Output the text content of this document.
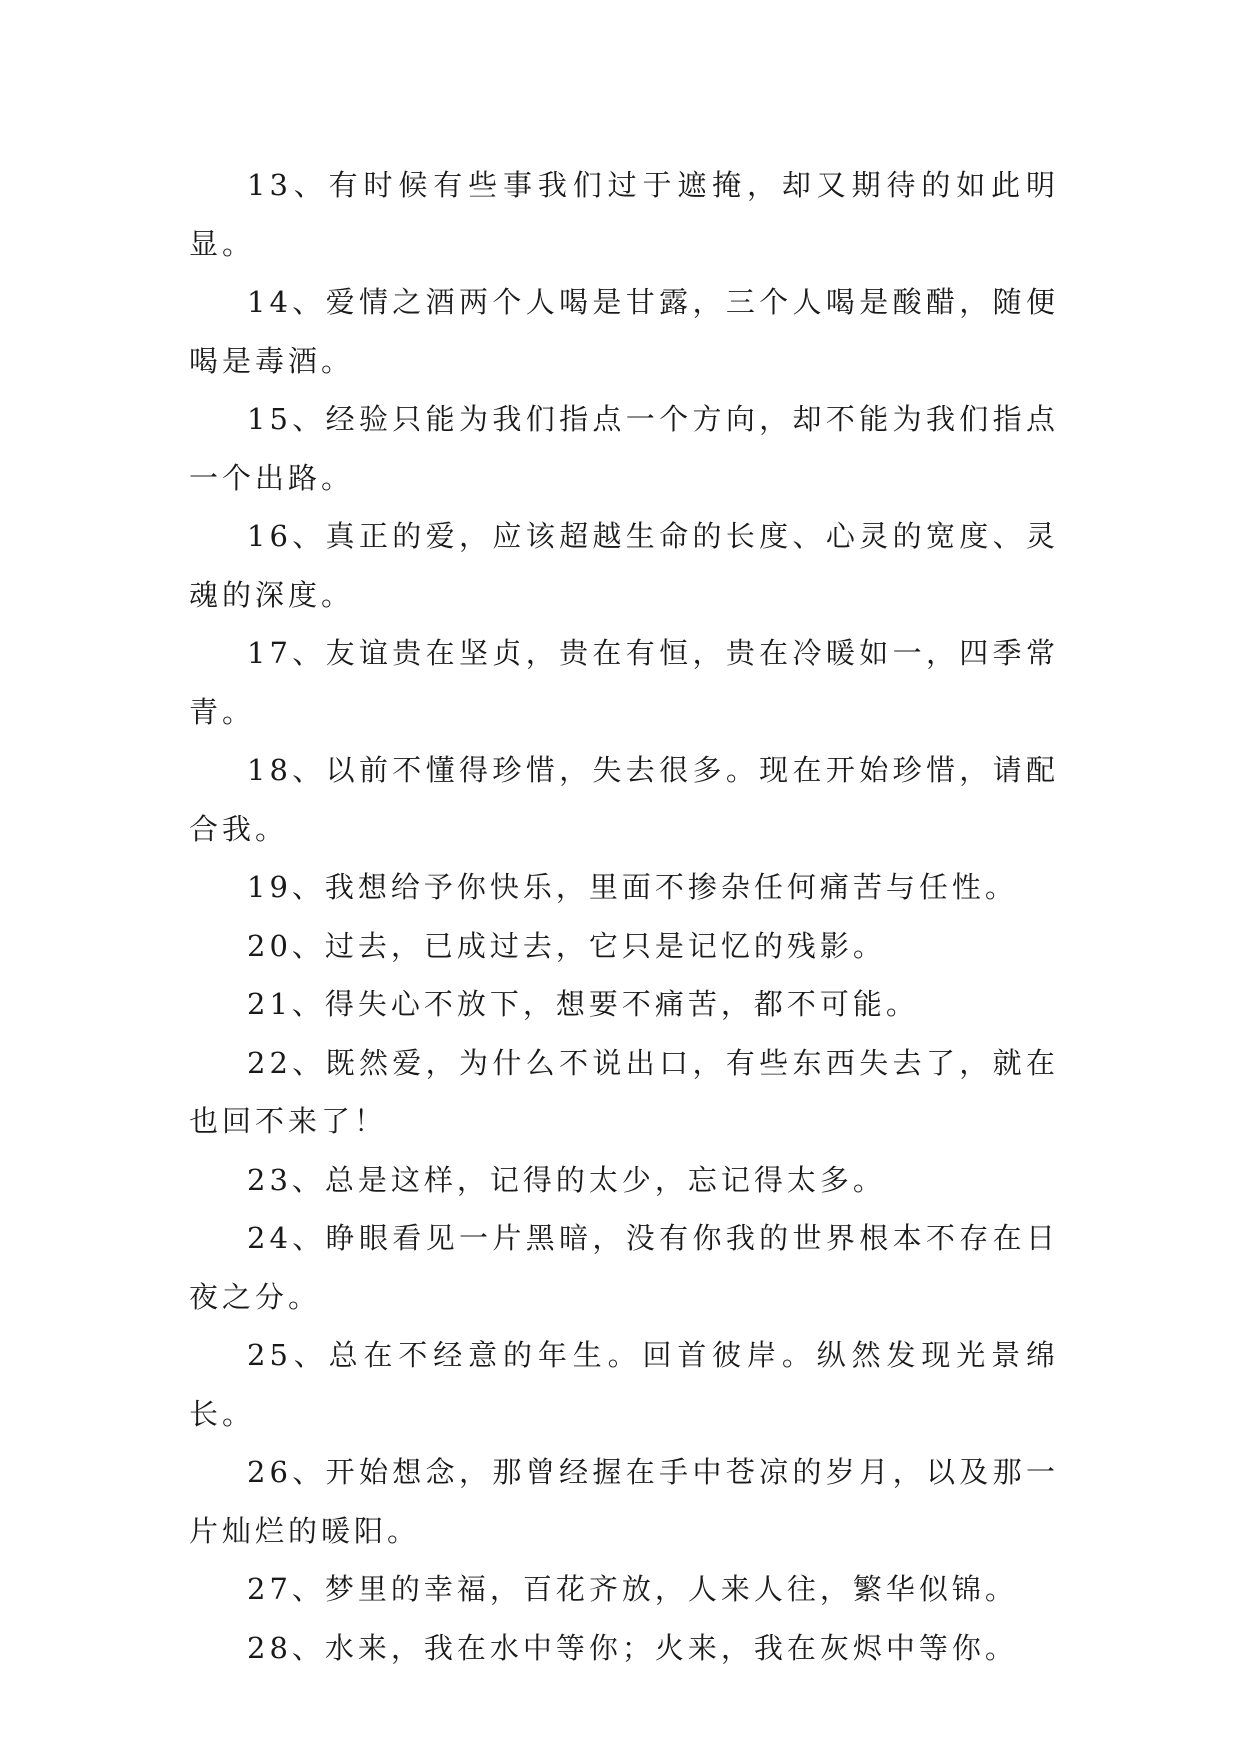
13、有时候有些事我们过于遮掩，却又期待的如此明显。

14、爱情之酒两个人喝是甘露，三个人喝是酸醋，随便喝是毒酒。

15、经验只能为我们指点一个方向，却不能为我们指点一个出路。

16、真正的爱，应该超越生命的长度、心灵的宽度、灵魂的深度。

17、友谊贵在坚贞，贵在有恒，贵在冷暖如一，四季常青。

18、以前不懂得珍惜，失去很多。现在开始珍惜，请配合我。

19、我想给予你快乐，里面不掺杂任何痛苦与任性。

20、过去，已成过去，它只是记忆的残影。

21、得失心不放下，想要不痛苦，都不可能。

22、既然爱，为什么不说出口，有些东西失去了，就在也回不来了！

23、总是这样，记得的太少，忘记得太多。

24、睁眼看见一片黑暗，没有你我的世界根本不存在日夜之分。

25、总在不经意的年生。回首彼岸。纵然发现光景绵长。

26、开始想念，那曾经握在手中苍凉的岁月，以及那一片灿烂的暖阳。

27、梦里的幸福，百花齐放，人来人往，繁华似锦。

28、水来，我在水中等你；火来，我在灰烬中等你。
